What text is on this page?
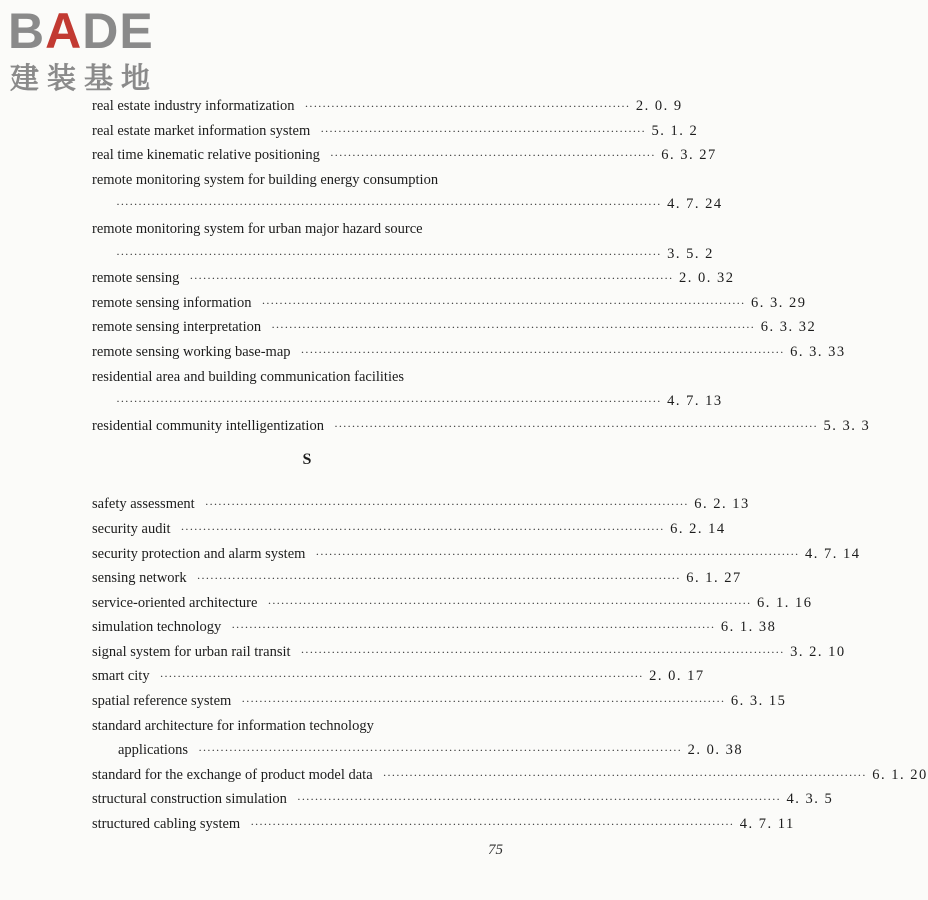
BADE
建装基地
real estate industry informatization ·········································································· 2. 0. 9
real estate market information system ·········································································· 5. 1. 2
real time kinematic relative positioning ·········································································· 6. 3. 27
remote monitoring system for building energy consumption
···························································································································· 4. 7. 24
remote monitoring system for urban major hazard source
···························································································································· 3. 5. 2
remote sensing ·············································································································· 2. 0. 32
remote sensing information ·············································································································· 6. 3. 29
remote sensing interpretation ·············································································································· 6. 3. 32
remote sensing working base-map ·············································································································· 6. 3. 33
residential area and building communication facilities
···························································································································· 4. 7. 13
residential community intelligentization ·············································································································· 5. 3. 3
S
safety assessment ·············································································································· 6. 2. 13
security audit ·············································································································· 6. 2. 14
security protection and alarm system ·············································································································· 4. 7. 14
sensing network ·············································································································· 6. 1. 27
service-oriented architecture ·············································································································· 6. 1. 16
simulation technology ·············································································································· 6. 1. 38
signal system for urban rail transit ·············································································································· 3. 2. 10
smart city ·············································································································· 2. 0. 17
spatial reference system ·············································································································· 6. 3. 15
standard architecture for information technology
applications ·············································································································· 2. 0. 38
standard for the exchange of product model data ·············································································································· 6. 1. 20
structural construction simulation ·············································································································· 4. 3. 5
structured cabling system ·············································································································· 4. 7. 11
75
